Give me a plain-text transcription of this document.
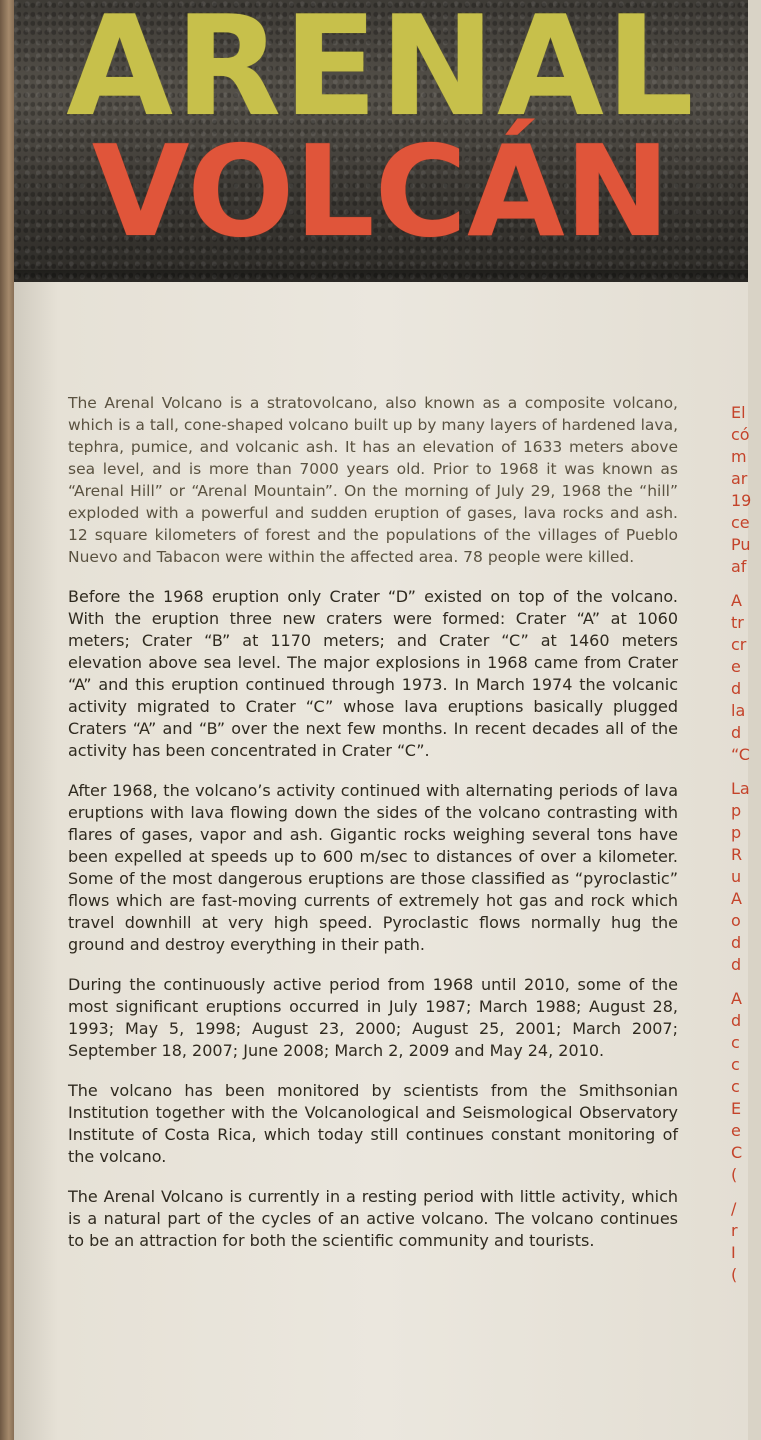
ARENAL
VOLCÁN

The Arenal Volcano is a stratovolcano, also known as a composite volcano, which is a tall, cone-shaped volcano built up by many layers of hardened lava, tephra, pumice, and volcanic ash. It has an elevation of 1633 meters above sea level, and is more than 7000 years old. Prior to 1968 it was known as “Arenal Hill” or “Arenal Mountain”. On the morning of July 29, 1968 the “hill” exploded with a powerful and sudden eruption of gases, lava rocks and ash. 12 square kilometers of forest and the populations of the villages of Pueblo Nuevo and Tabacon were within the affected area. 78 people were killed.

Before the 1968 eruption only Crater “D” existed on top of the volcano. With the eruption three new craters were formed: Crater “A” at 1060 meters; Crater “B” at 1170 meters; and Crater “C” at 1460 meters elevation above sea level. The major explosions in 1968 came from Crater “A” and this eruption continued through 1973. In March 1974 the volcanic activity migrated to Crater “C” whose lava eruptions basically plugged Craters “A” and “B” over the next few months. In recent decades all of the activity has been concentrated in Crater “C”.

After 1968, the volcano’s activity continued with alternating periods of lava eruptions with lava flowing down the sides of the volcano contrasting with flares of gases, vapor and ash. Gigantic rocks weighing several tons have been expelled at speeds up to 600 m/sec to distances of over a kilometer. Some of the most dangerous eruptions are those classified as “pyroclastic” flows which are fast-moving currents of extremely hot gas and rock which travel downhill at very high speed. Pyroclastic flows normally hug the ground and destroy everything in their path.

During the continuously active period from 1968 until 2010, some of the most significant eruptions occurred in July 1987; March 1988; August 28, 1993; May 5, 1998; August 23, 2000; August 25, 2001; March 2007; September 18, 2007; June 2008; March 2, 2009 and May 24, 2010.

The volcano has been monitored by scientists from the Smithsonian Institution together with the Volcanological and Seismological Observatory Institute of Costa Rica, which today still continues constant monitoring of the volcano.

The Arenal Volcano is currently in a resting period with little activity, which is a natural part of the cycles of an active volcano. The volcano continues to be an attraction for both the scientific community and tourists.

El
có
m
ar
19
ce
Pu
af
A
tr
cr
e
d
la
d
“C
La
p
p
R
u
A
o
d
d
A
d
c
c
c
E
e
C
(
/
r
I
(
